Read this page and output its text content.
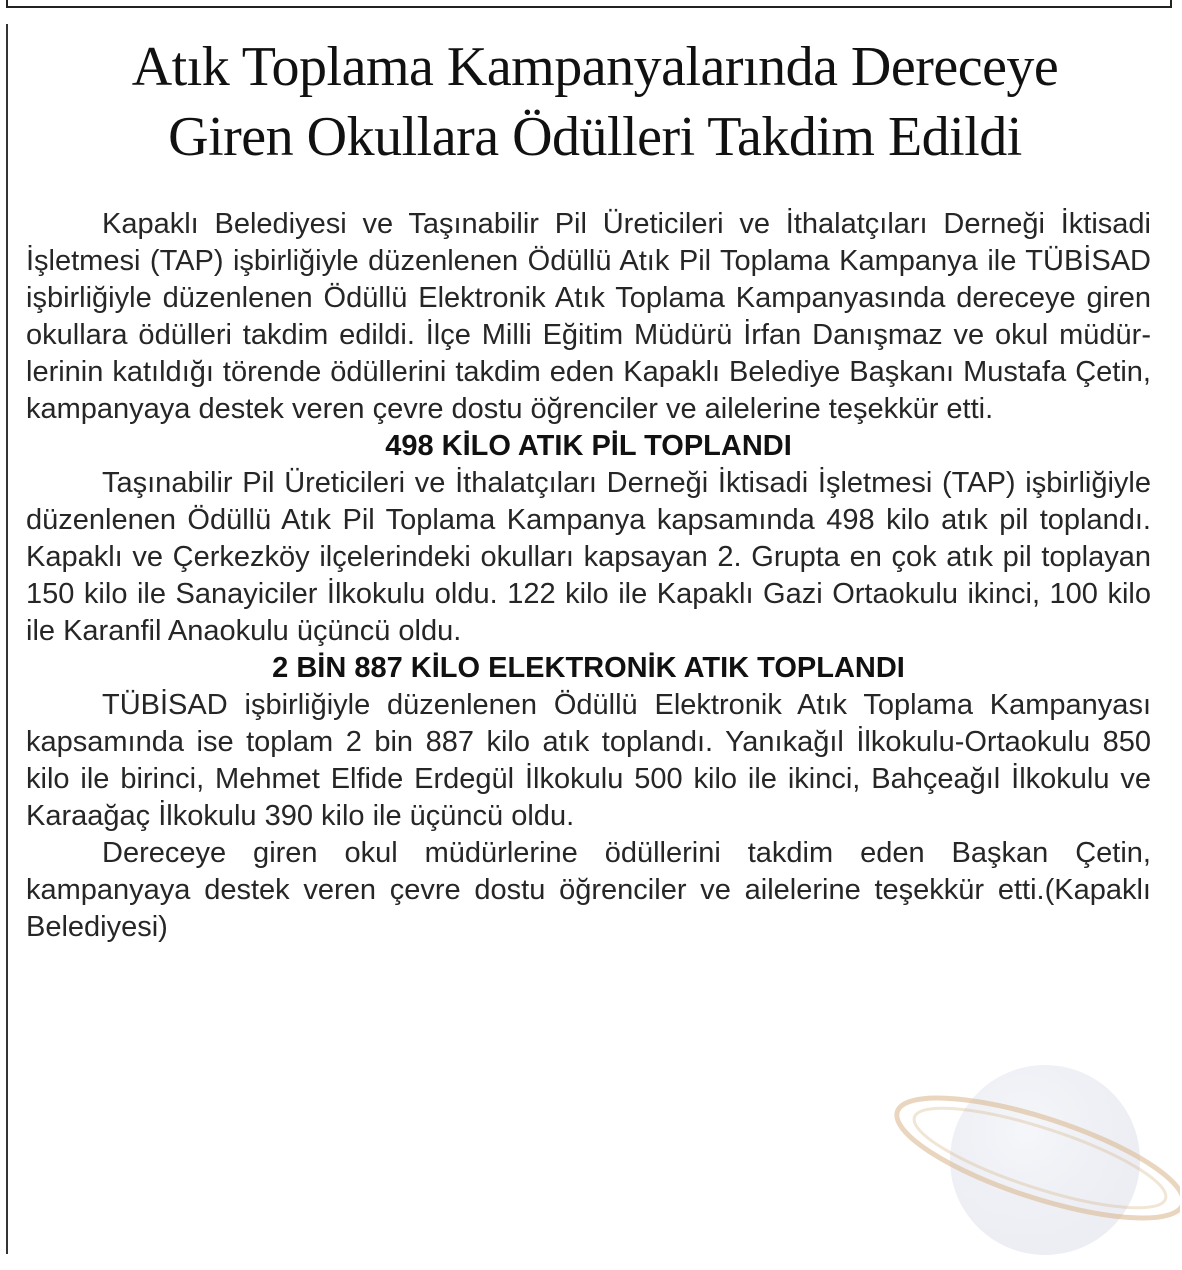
Atık Toplama Kampanyalarında Dereceye
Giren Okullara Ödülleri Takdim Edildi

Kapaklı Belediyesi ve Taşınabilir Pil Üreticileri ve İthalatçıları Derneği İktisadi İşletmesi (TAP) işbirliğiyle düzenlenen Ödüllü Atık Pil Toplama Kampanya ile TÜBİSAD işbirliğiyle düzenlenen Ödüllü Elektronik Atık Toplama Kampanyasında dereceye giren okullara ödülleri takdim edildi. İlçe Milli Eğitim Müdürü İrfan Danışmaz ve okul müdürlerinin katıldığı törende ödüllerini takdim eden Kapaklı Belediye Başkanı Mustafa Çetin, kampanyaya destek veren çevre dostu öğrenciler ve ailelerine teşekkür etti.

498 KİLO ATIK PİL TOPLANDI

Taşınabilir Pil Üreticileri ve İthalatçıları Derneği İktisadi İşletmesi (TAP) işbirliğiyle düzenlenen Ödüllü Atık Pil Toplama Kampanya kapsamında 498 kilo atık pil toplandı. Kapaklı ve Çerkezköy ilçelerindeki okulları kapsayan 2. Grupta en çok atık pil toplayan 150 kilo ile Sanayiciler İlkokulu oldu. 122 kilo ile Kapaklı Gazi Ortaokulu ikinci, 100 kilo ile Karanfil Anaokulu üçüncü oldu.

2 BİN 887 KİLO ELEKTRONİK ATIK TOPLANDI

TÜBİSAD işbirliğiyle düzenlenen Ödüllü Elektronik Atık Toplama Kampanyası kapsamında ise toplam 2 bin 887 kilo atık toplandı. Yanıkağıl İlkokulu-Ortaokulu 850 kilo ile birinci, Mehmet Elfide Erdegül İlkokulu 500 kilo ile ikinci, Bahçeağıl İlkokulu ve Karaağaç İlkokulu 390 kilo ile üçüncü oldu.

Dereceye giren okul müdürlerine ödüllerini takdim eden Başkan Çetin, kampanyaya destek veren çevre dostu öğrenciler ve ailelerine teşekkür etti.(Kapaklı Belediyesi)
